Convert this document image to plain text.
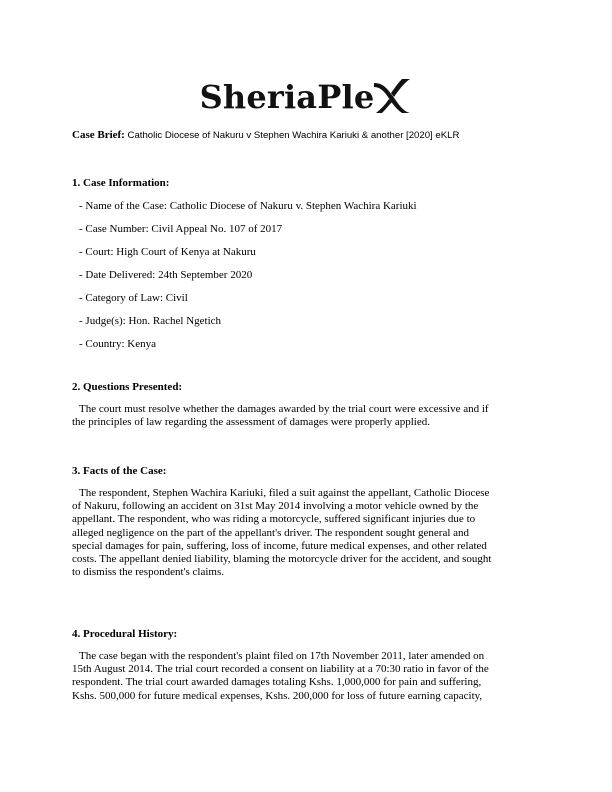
SheriaPle
Case Brief: Catholic Diocese of Nakuru v Stephen Wachira Kariuki & another [2020] eKLR

1. Case Information:

- Name of the Case: Catholic Diocese of Nakuru v. Stephen Wachira Kariuki
- Case Number: Civil Appeal No. 107 of 2017
- Court: High Court of Kenya at Nakuru
- Date Delivered: 24th September 2020
- Category of Law: Civil
- Judge(s): Hon. Rachel Ngetich
- Country: Kenya

2. Questions Presented:

The court must resolve whether the damages awarded by the trial court were excessive and if
the principles of law regarding the assessment of damages were properly applied.

3. Facts of the Case:

The respondent, Stephen Wachira Kariuki, filed a suit against the appellant, Catholic Diocese
of Nakuru, following an accident on 31st May 2014 involving a motor vehicle owned by the
appellant. The respondent, who was riding a motorcycle, suffered significant injuries due to
alleged negligence on the part of the appellant's driver. The respondent sought general and
special damages for pain, suffering, loss of income, future medical expenses, and other related
costs. The appellant denied liability, blaming the motorcycle driver for the accident, and sought
to dismiss the respondent's claims.

4. Procedural History:

The case began with the respondent's plaint filed on 17th November 2011, later amended on
15th August 2014. The trial court recorded a consent on liability at a 70:30 ratio in favor of the
respondent. The trial court awarded damages totaling Kshs. 1,000,000 for pain and suffering,
Kshs. 500,000 for future medical expenses, Kshs. 200,000 for loss of future earning capacity,
